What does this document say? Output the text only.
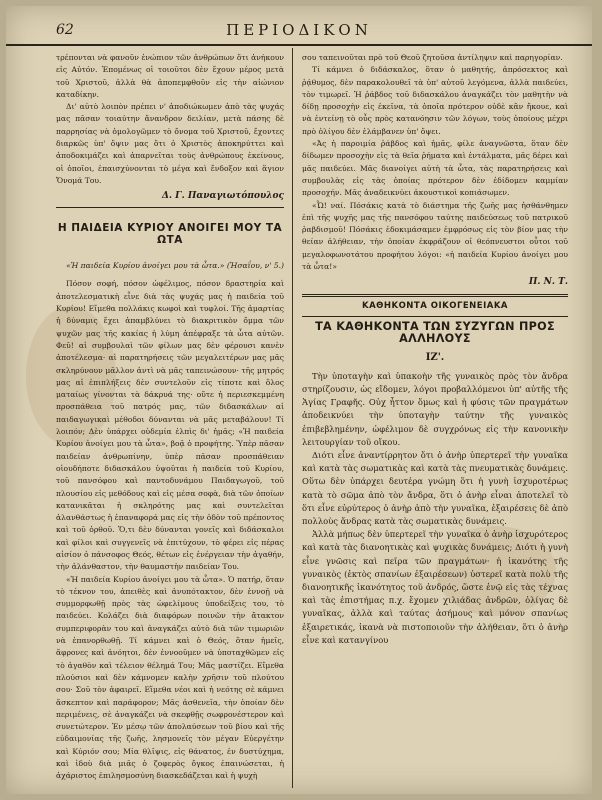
62	ΠΕΡΙΟΔΙΚΟΝ

τρέπονται νὰ φανοῦν ἐνώπιον τῶν ἀνθρώπων ὅτι ἀνήκουν εἰς Αὐτόν. Ἐπομένως οἱ τοιοῦτοι δὲν ἔχουν μέρος μετὰ τοῦ Χριστοῦ, ἀλλὰ θὰ ἀποπεμφθοῦν εἰς τὴν αἰώνιον καταδίκην.

Δι' αὐτὸ λοιπὸν πρέπει ν' ἀποδιώκωμεν ἀπὸ τὰς ψυχάς μας πᾶσαν τοιαύτην ἄνανδρον δειλίαν, μετὰ πάσης δὲ παρρησίας νὰ ὁμολογῶμεν τὸ ὄνομα τοῦ Χριστοῦ, ἔχοντες διαρκῶς ὑπ' ὄψιν μας ὅτι ὁ Χριστὸς ἀποκηρύττει καὶ ἀποδοκιμάζει καὶ ἀπαρνεῖται τοὺς ἀνθρώπους ἐκείνους, οἱ ὁποῖοι, ἐπαισχύνονται τὸ μέγα καὶ ἔνδοξον καὶ ἅγιον Ὄνομά Του.

Δ. Γ. Παναγιωτόπουλος
Η ΠΑΙΔΕΙΑ ΚΥΡΙΟΥ ΑΝΟΙΓΕΙ ΜΟΥ ΤΑ ΩΤΑ
«Ἡ παιδεία Κυρίου ἀνοίγει μου τὰ ὦτα.» (Ἠσαΐου, ν' 5.)

Πόσον σοφή, πόσον ὠφέλιμος, πόσον δραστηρία καὶ ἀποτελεσματικὴ εἶνε διὰ τὰς ψυχάς μας ἡ παιδεία τοῦ Κυρίου! Εἴμεθα πολλάκις κωφοὶ καὶ τυφλοί. Τῆς ἁμαρτίας ἡ δύναμις ἔχει ἀπαμβλύνει τὸ διακριτικὸν ὄμμα τῶν ψυχῶν μας τῆς κακίας ἡ λύμη ἀπέφραξε τὰ ὦτα αὐτῶν. Φεῦ! αἱ συμβουλαὶ τῶν φίλων μας δὲν φέρουσι κανὲν ἀποτέλεσμα· αἱ παρατηρήσεις τῶν μεγαλειτέρων μας μᾶς σκληρύνουν μᾶλλον ἀντὶ νὰ μᾶς ταπεινώσουν· τῆς μητρός μας αἱ ἐπιπλήξεις δὲν συντελοῦν εἰς τίποτε καὶ ὅλος ματαίως γίνονται τὰ δάκρυά της· οὔτε ἡ περιεσκεμμένη προσπάθεια τοῦ πατρός μας, τῶν διδασκάλων αἱ παιδαγωγικαὶ μέθοδοι δύνανται νὰ μᾶς μεταβάλουν! Τί λοιπόν; Δὲν ὑπάρχει οὐδεμία ἐλπὶς δι' ἡμᾶς; «Ἡ παιδεία Κυρίου ἀνοίγει μου τὰ ὦτα», βοᾷ ὁ προφήτης. Ὑπὲρ πᾶσαν παιδείαν ἀνθρωπίνην, ὑπὲρ πᾶσαν προσπάθειαν οἱουδήποτε διδασκάλου ὑψοῦται ἡ παιδεία τοῦ Κυρίου, τοῦ πανσόφου καὶ παντοδυνάμου Παιδαγωγοῦ, τοῦ πλουσίου εἰς μεθόδους καὶ εἰς μέσα σοφὰ, διὰ τῶν ὁποίων κατανικᾶται ἡ σκληρότης μας καὶ συντελεῖται ἀλανθάστως ἡ ἐπαναφορά μας εἰς τὴν ὁδὸν τοῦ πρέποντος καὶ τοῦ ὀρθοῦ. Ὅ,τι δὲν δύνανται γονεῖς καὶ διδάσκαλοι καὶ φίλοι καὶ συγγενεῖς νὰ ἐπιτύχουν, τὸ φέρει εἰς πέρας αἰσίον ὁ πάνσοφος Θεός, θέτων εἰς ἐνέργειαν τὴν ἀγαθήν, τὴν ἀλάνθαστον, τὴν θαυμαστὴν παιδείαν Του.

«Ἡ παιδεία Κυρίου ἀνοίγει μου τὰ ὦτα». Ὁ πατήρ, ὅταν τὸ τέκνον του, ἀπειθὲς καὶ ἀνυπότακτον, δὲν ἐννοῇ νὰ συμμορφωθῇ πρὸς τὰς ὠφελίμους ὑποδείξεις του, τὸ παιδεύει. Κολάζει διὰ διαφόρων ποινῶν τὴν ἄτακτον συμπεριφορὰν του καὶ ἀναγκάζει αὐτὸ διὰ τῶν τιμωριῶν νὰ ἐπανορθωθῇ. Τί κάμνει καὶ ὁ Θεός, ὅταν ἡμεῖς, ἄφρονες καὶ ἀνόητοι, δὲν ἐννοοῦμεν νὰ ὑποταχθῶμεν εἰς τὸ ἀγαθὸν καὶ τέλειον θέλημά Του; Μᾶς μαστίζει. Εἴμεθα πλούσιοι καὶ δὲν κάμνομεν καλὴν χρῆσιν τοῦ πλούτου σου· Σοῦ τὸν ἀφαιρεῖ. Εἴμεθα νέοι καὶ ἡ νεότης σὲ κάμνει ἄσκεπτον καὶ παράφορον; Μᾶς ἀσθενεῖα, τὴν ὁποίαν δὲν περιμένεις, σὲ ἀναγκάζει νὰ σκεφθῇς σωφρονέστερον καὶ συνετώτερον. Ἐν μέσῳ τῶν ἀπολαύσεων τοῦ βίου καὶ τῆς εὐδαιμονίας τῆς ζωῆς, λησμονεῖς τὸν μέγαν Εὐεργέτην καὶ Κύριόν σου; Μία θλῖψις, εἰς θάνατος, ἐν δυστύχημα, καὶ ἰδοὺ διὰ μιᾶς ὁ ζοφερὸς ὄγκος ἐπαινώσεται, ἡ ἀχάριστος ἐπιλησμοσύνη διασκεδάζεται καὶ ἡ ψυχὴ

σου ταπεινοῦται πρὸ τοῦ Θεοῦ ζητοῦσα ἀντίληψιν καὶ παρηγορίαν.

Τί κάμνει ὁ διδάσκαλος, ὅταν ὁ μαθητής, ἀπρόσεκτος καὶ ῥᾴθυμος, δὲν παρακολουθεῖ τὰ ὑπ' αὐτοῦ λεγόμενα, ἀλλὰ παιδεύει, τὸν τιμωρεῖ. Ἡ ῥάβδος τοῦ διδασκάλου ἀναγκάζει τὸν μαθητὴν νὰ δίδῃ προσοχὴν εἰς ἐκεῖνα, τὰ ὁποῖα πρότερον οὐδὲ κἂν ἤκουε, καὶ νὰ ἐντείνῃ τὸ οὖς πρὸς κατανόησιν τῶν λόγων, τοὺς ὁποίους μέχρι πρὸ ὀλίγου δὲν ἐλάμβανεν ὑπ' ὄψει.

«Ἀς ἡ παροιμία ῥάβδος καὶ ἡμᾶς, φίλε ἀναγνῶστα, ὅταν δὲν δίδωμεν προσοχὴν εἰς τὰ θεῖα ῥήματα καὶ ἐντάλματα, μᾶς δέρει καὶ μᾶς παιδεύει. Μᾶς διανοίγει αὐτὴ τὰ ὦτα, τὰς παρατηρήσεις καὶ συμβουλὰς εἰς τὰς ὁποίας πρότερον δὲν ἐδίδομεν καμμίαν προσοχήν. Μᾶς ἀναδεικνύει ἀκουστικοὶ κοπιάσωμεν.

«Ὦ! ναί. Πόσάκις κατὰ τὸ διάστημα τῆς ζωῆς μας ἠσθάνθημεν ἐπὶ τῆς ψυχῆς μας τῆς πανσόφου ταύτης παιδεύσεως τοῦ πατρικοῦ ῥαβδισμοῦ! Πόσάκις ἐδοκιμάσαμεν ἐμφρόσως εἰς τὸν βίον μας τὴν θείαν ἀλήθειαν, τὴν ὁποίαν ἐκφράζουν οἱ θεόπνευστοι οὗτοι τοῦ μεγαλοφωνοτάτου προφήτου λόγοι: «ἡ παιδεία Κυρίου ἀνοίγει μου τὰ ὦτα!»

Π. Ν. Τ.
ΚΑΘΗΚΟΝΤΑ ΟΙΚΟΓΕΝΕΙΑΚΑ
ΤΑ ΚΑΘΗΚΟΝΤΑ ΤΩΝ ΣΥΖΥΓΩΝ ΠΡΟΣ ΑΛΛΗΛΟΥΣ
ΙΖ'.

Τὴν ὑποταγὴν καὶ ὑπακοὴν τῆς γυναικὸς πρὸς τὸν ἄνδρα στηρίζουσιν, ὡς εἴδομεν, λόγοι προβαλλόμενοι ὑπ' αὐτῆς τῆς Ἁγίας Γραφῆς. Οὐχ ἧττον ὅμως καὶ ἡ φύσις τῶν πραγμάτων ἀποδεικνύει τὴν ὑποταγὴν ταύτην τῆς γυναικὸς ἐπιβεβλημένην, ὠφέλιμον δὲ συγχρόνως εἰς τὴν κανονικὴν λειτουργίαν τοῦ οἴκου.

Διότι εἶνε ἀναντίρρητον ὅτι ὁ ἀνὴρ ὑπερτερεῖ τὴν γυναῖκα καὶ κατὰ τὰς σωματικὰς καὶ κατὰ τὰς πνευματικὰς δυνάμεις. Οὕτω δὲν ὑπάρχει δευτέρα γνώμη ὅτι ἡ γυνὴ ἰσχυροτέρως κατὰ τὸ σῶμα ἀπὸ τὸν ἄνδρα, ὅτι ὁ ἀνὴρ εἶναι ἀποτελεῖ τὸ ὅτι εἶνε εὐρύτερος ὁ ἀνὴρ ἀπὸ τὴν γυναῖκα, ἐξαιρέσεις δὲ ἀπὸ πολλοὺς ἄνδρας κατὰ τὰς σωματικὰς δυνάμεις.

Ἀλλὰ μήπως δὲν ὑπερτερεῖ τὴν γυναῖκα ὁ ἀνὴρ ἰσχυρότερος καὶ κατὰ τὰς διανοητικὰς καὶ ψυχικὰς δυνάμεις; Διότι ἡ γυνὴ εἶνε γνῶσις καὶ πεῖρα τῶν πραγμάτων· ἡ ἱκανότης τῆς γυναικὸς (ἐκτὸς σπανίων ἐξαιρέσεων) ὑστερεῖ κατὰ πολὺ τῆς διανοητικῆς ἱκανότητος τοῦ ἀνδρός, ὥστε ἐνῷ εἰς τὰς τέχνας καὶ τὰς ἐπιστήμας π.χ. ἔχομεν χιλιάδας ἀνδρῶν, ὀλίγας δὲ γυναῖκας, ἀλλὰ καὶ ταύτας ἀσήμους καὶ μόνον σπανίως ἐξαιρετικάς, ἱκανὰ νὰ πιστοποιοῦν τὴν ἀλήθειαν, ὅτι ὁ ἀνὴρ εἶνε καὶ κατανγίνου
